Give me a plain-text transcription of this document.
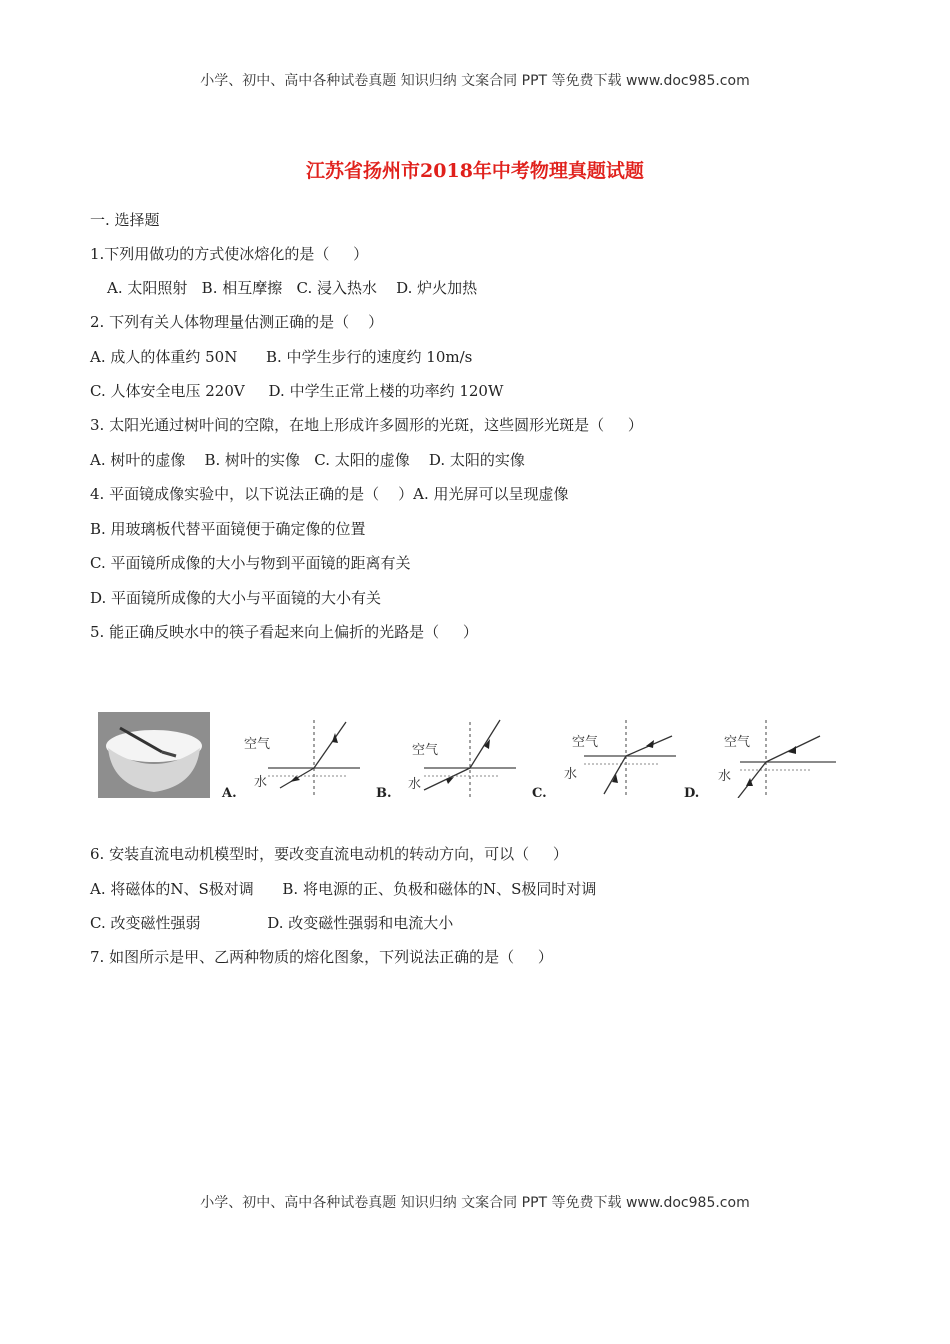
小学、初中、高中各种试卷真题 知识归纳 文案合同 PPT 等免费下载 www.doc985.com
江苏省扬州市2018年中考物理真题试题
一. 选择题
1.下列用做功的方式使冰熔化的是（     ）
A. 太阳照射   B. 相互摩擦   C. 浸入热水    D. 炉火加热
2. 下列有关人体物理量估测正确的是（    ）
A. 成人的体重约 50N      B. 中学生步行的速度约 10m/s
C. 人体安全电压 220V     D. 中学生正常上楼的功率约 120W
3. 太阳光通过树叶间的空隙，在地上形成许多圆形的光斑，这些圆形光斑是（     ）
A. 树叶的虚像    B. 树叶的实像   C. 太阳的虚像    D. 太阳的实像
4. 平面镜成像实验中，以下说法正确的是（    ）A. 用光屏可以呈现虚像
B. 用玻璃板代替平面镜便于确定像的位置
C. 平面镜所成像的大小与物到平面镜的距离有关
D. 平面镜所成像的大小与平面镜的大小有关
5. 能正确反映水中的筷子看起来向上偏折的光路是（     ）
空气
水
A.
空气
水
B.
空气
水
C.
空气
水
D.
6. 安装直流电动机模型时，要改变直流电动机的转动方向，可以（     ）
A. 将磁体的N、S极对调      B. 将电源的正、负极和磁体的N、S极同时对调
C. 改变磁性强弱              D. 改变磁性强弱和电流大小
7. 如图所示是甲、乙两种物质的熔化图象，下列说法正确的是（     ）
小学、初中、高中各种试卷真题 知识归纳 文案合同 PPT 等免费下载 www.doc985.com
